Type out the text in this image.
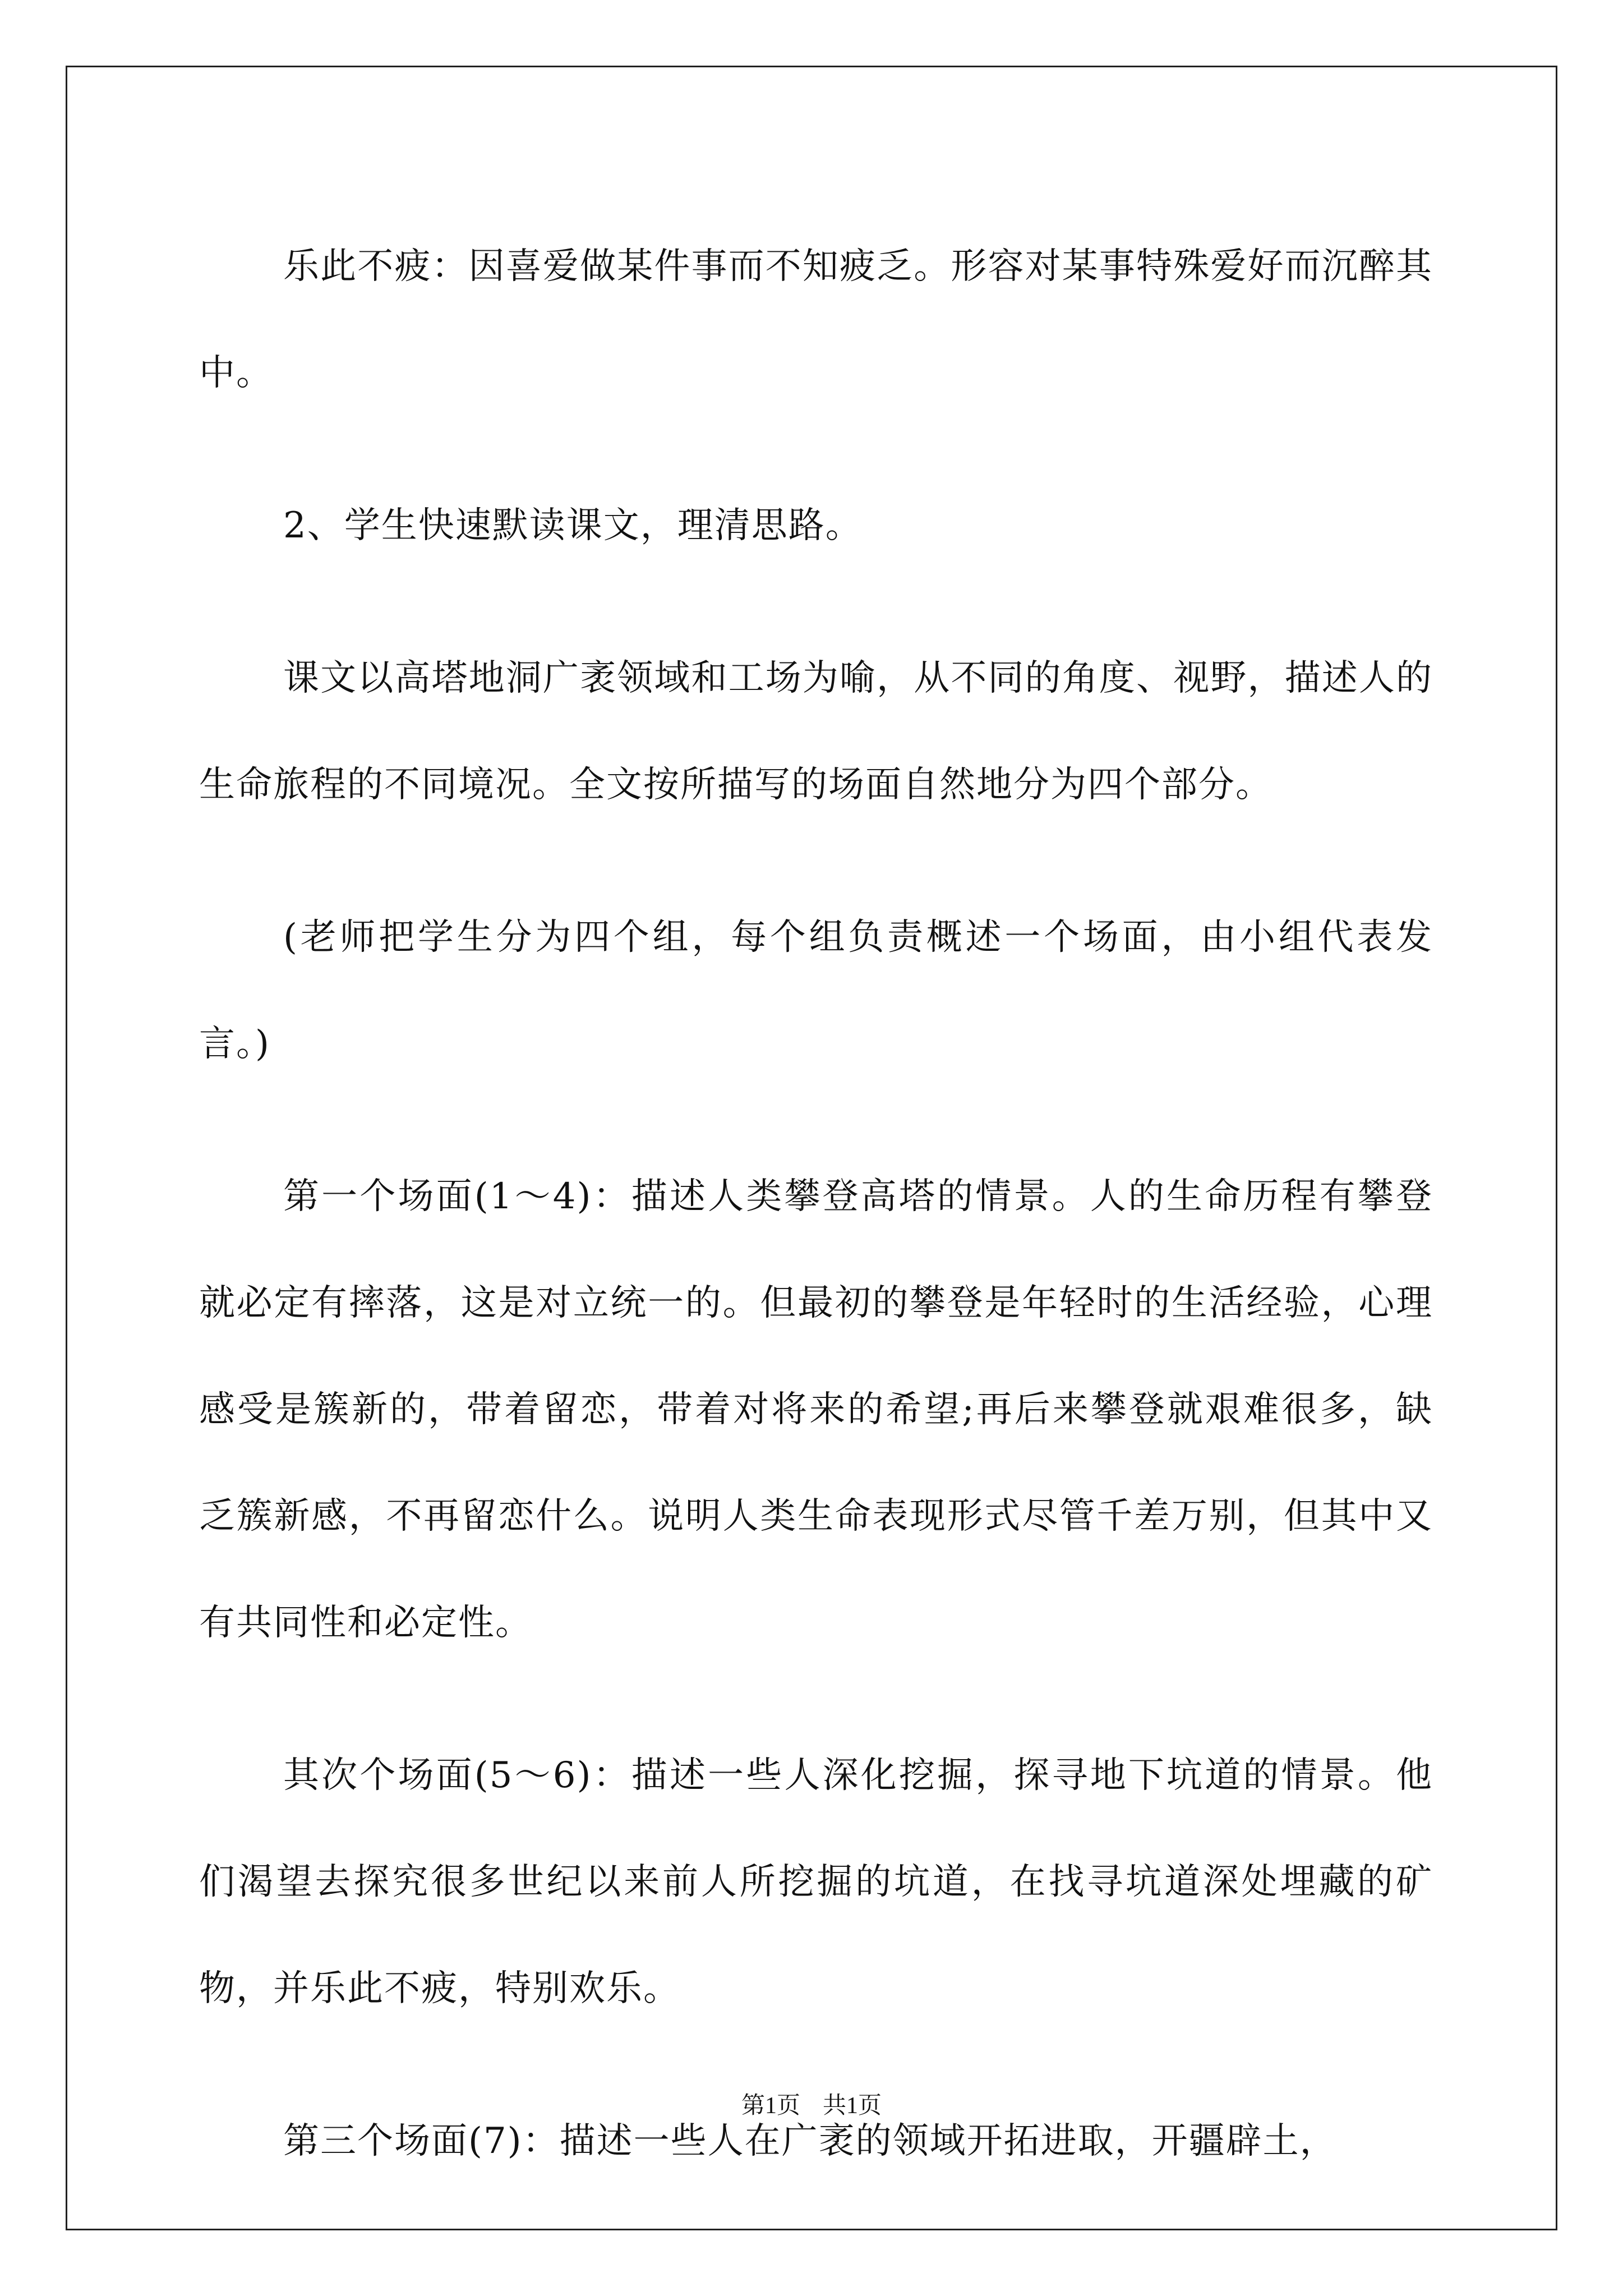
乐此不疲：因喜爱做某件事而不知疲乏。形容对某事特殊爱好而沉醉其中。

2、学生快速默读课文，理清思路。

课文以高塔地洞广袤领域和工场为喻，从不同的角度、视野，描述人的生命旅程的不同境况。全文按所描写的场面自然地分为四个部分。

(老师把学生分为四个组，每个组负责概述一个场面，由小组代表发言。)

第一个场面(1～4)：描述人类攀登高塔的情景。人的生命历程有攀登就必定有摔落，这是对立统一的。但最初的攀登是年轻时的生活经验，心理感受是簇新的，带着留恋，带着对将来的希望;再后来攀登就艰难很多，缺乏簇新感，不再留恋什么。说明人类生命表现形式尽管千差万别，但其中又有共同性和必定性。

其次个场面(5～6)：描述一些人深化挖掘，探寻地下坑道的情景。他们渴望去探究很多世纪以来前人所挖掘的坑道，在找寻坑道深处埋藏的矿物，并乐此不疲，特别欢乐。

第三个场面(7)：描述一些人在广袤的领域开拓进取，开疆辟土，

第1页 共1页
